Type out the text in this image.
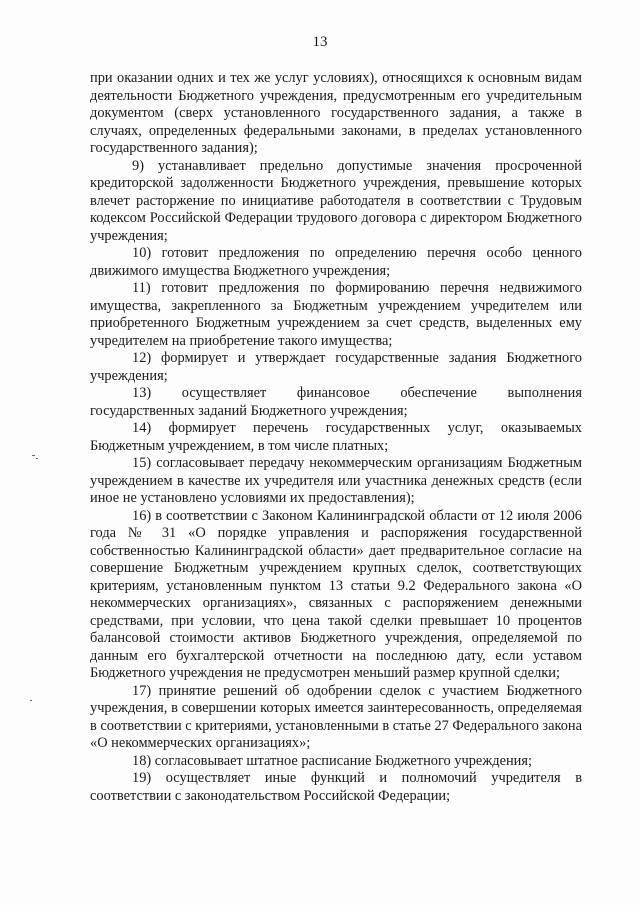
13

при оказании одних и тех же услуг условиях), относящихся к основным видам деятельности Бюджетного учреждения, предусмотренным его учредительным документом (сверх установленного государственного задания, а также в случаях, определенных федеральными законами, в пределах установленного государственного задания);

9) устанавливает предельно допустимые значения просроченной кредиторской задолженности Бюджетного учреждения, превышение которых влечет расторжение по инициативе работодателя в соответствии с Трудовым кодексом Российской Федерации трудового договора с директором Бюджетного учреждения;

10) готовит предложения по определению перечня особо ценного движимого имущества Бюджетного учреждения;

11) готовит предложения по формированию перечня недвижимого имущества, закрепленного за Бюджетным учреждением учредителем или приобретенного Бюджетным учреждением за счет средств, выделенных ему учредителем на приобретение такого имущества;

12) формирует и утверждает государственные задания Бюджетного учреждения;

13) осуществляет финансовое обеспечение выполнения государственных заданий Бюджетного учреждения;

14) формирует перечень государственных услуг, оказываемых Бюджетным учреждением, в том числе платных;

15) согласовывает передачу некоммерческим организациям Бюджетным учреждением в качестве их учредителя или участника денежных средств (если иное не установлено условиями их предоставления);

16) в соответствии с Законом Калининградской области от 12 июля 2006 года № 31 «О порядке управления и распоряжения государственной собственностью Калининградской области» дает предварительное согласие на совершение Бюджетным учреждением крупных сделок, соответствующих критериям, установленным пунктом 13 статьи 9.2 Федерального закона «О некоммерческих организациях», связанных с распоряжением денежными средствами, при условии, что цена такой сделки превышает 10 процентов балансовой стоимости активов Бюджетного учреждения, определяемой по данным его бухгалтерской отчетности на последнюю дату, если уставом Бюджетного учреждения не предусмотрен меньший размер крупной сделки;

17) принятие решений об одобрении сделок с участием Бюджетного учреждения, в совершении которых имеется заинтересованность, определяемая в соответствии с критериями, установленными в статье 27 Федерального закона «О некоммерческих организациях»;

18) согласовывает штатное расписание Бюджетного учреждения;

19) осуществляет иные функций и полномочий учредителя в соответствии с законодательством Российской Федерации;
